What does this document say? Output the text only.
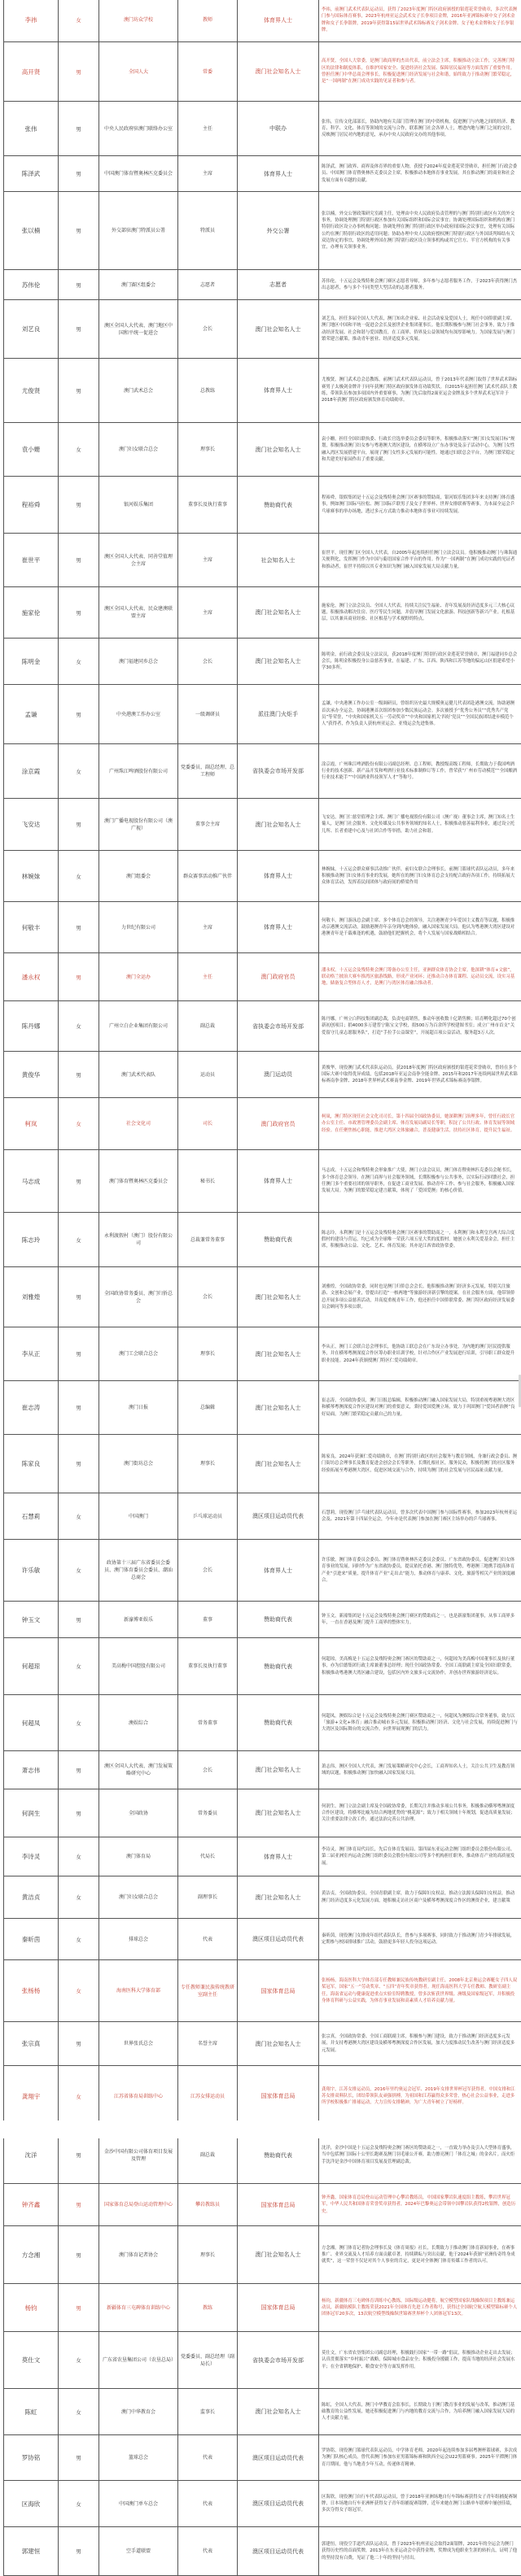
李祎	女	澳门坊众学校	教师	体育界人士	李祎，前澳门武术代表队运动员，获得了2023年度澳门特区政府颁授的银莲花荣誉勋章，多次代表澳门参与国际体育赛事，2023年杭州亚运会武术女子长拳项目金牌，2016年亚洲锦标赛中女子剑术金牌和女子长拳银牌，2019年获得第15届世界武术锦标赛女子剑术金牌、女子枪术金牌和女子长拳银牌。
高开贤	男	全国人大	常委	澳门社会知名人士	高开贤，全国人大常委，是澳门政商界的杰出代表，前立法会主席，积极推动立法工作，完善澳门特区的法律和制度体系，在维护国家安全、促进经济社会发展、保障居民福祉等方面发挥了重要作用。曾担任澳门中华总商会理事长，积极促进澳门经济发展与社会和谐，始终致力于推动澳门繁荣稳定，是“一国两制”在澳门成功实践的见证者和参与者。
张伟	男	中央人民政府驻澳门联络办公室	主任	中联办	张伟，宣传文化部部长，协助内地有关部门管理在澳门的中资机构，促进澳门与内地之间的经济、教育、科学、文化、体育等领域的交流与合作，联系澳门社会各界人士，增进内地与澳门之间的交往，反映澳门居民对内地的意见，承办中央人民政府交办的其他事项。
陈泽武	男	中国澳门体育暨奥林匹克委员会	主席	体育界人士	陈泽武，澳门政界、商界及体育界的重要人物，获授予2024年度金莲花荣誉勋章，担任澳门行政会委员、中国澳门体育暨奥林匹克委员会主席，积极推动本地体育事业发展，其在推动澳门的商业和社会发展方面有卓越的贡献。
张以楠	男	外交部驻澳门特派员公署	特派员	外交公署	张以楠，外交公署政策研究室副主任，处理由中央人民政府负责管理的与澳门特别行政区有关的外交事务，协调处理澳门特别行政区参加有关国际组织和国际会议事宜；协调处理国际组织和机构在澳门特别行政区设立办事机构问题；协调处理在澳门特别行政区举办政府间国际会议事宜，处理有关国际公约在澳门特别行政区的适用问题；协助办理中央人民政府授权澳门特别行政区与外国谈判缔结有关双边协定的事宜，协调处理外国在澳门特别行政区设立领事机构或其它官方、半官方机构的有关事宜，办理有关领事业务。
苏伟伦	男	澳门赛区组委会	志愿者	志愿者	苏伟伦，十五运会及残特奥会澳门赛区志愿者导师，多年参与志愿者服务工作，于2023年获得澳门杰出志愿者，参与多个不同类型大型活动的志愿者服务。
刘艺良	男	澳区全国人大代表、澳门地区中国和平统一促进会	会长	澳门社会知名人士	刘艺良，担任多届全国人大代表，澳门知名企业家、社会活动家及爱国人士，现任中国侨联副主席、澳门地区中国和平统一促进会会长及创世企业集团董事长。他长期积极参与澳门社会事务，致力于推动经济发展、社会和谐与爱国教育，在工商界、侨界及公益领域均有深厚影响力。为国家发展与澳门繁荣建言献策，推动青年创业、经济适度多元发展。
尤俊贤	男	澳门武术总会	总教练	体育界人士	尤俊贤，澳门武术总会总教练，前澳门武术代表队运动员，曾于2013年代表澳门取得了世界武术锦标赛男子太极剑金牌并于同年获澳门特区政府颁发体育功绩奖状。自2015年起担任澳门武术代表队主教练，带领队伍参加多项国内外重要赛事，为澳门先后取得2面亚运会金牌及多个世界武术冠军并于2018年获澳门特区政府颁发体育功绩勋章。
袁小姗	女	澳门妇女联合总会	理事长	澳门社会知名人士	袁小姗，担任全国妇联执委、行政长官选举委员会委员等职务，积极推动落实“澳门妇女发展目标”规划，积极推动澳门妇女参与粤港澳大湾区建设，在横琴设立广东办事处及亲子活动中心，为澳门女性融入湾区发展搭建平台，展现了澳门女性多元发展的可能性。她通过妇联总会平台，为澳门繁荣稳定和共建美好家园作出了重要贡献。
程裕舜	男	银河娱乐集团	董事长及执行董事	赞助商代表	程裕舜，银娱集团是十五运会及残特奥会澳门区赛事的赞助商，银河娱乐集团多年来支持澳门体育盛事，例如澳门国际马拉松、澳门国际乒联男子及女子世界杯、世界女排联赛等赛事，为本届全运会乒乓球赛事的举办场地，透过多元方式助力推动本地体育事业可持续发展。
崔世平	男	澳区全国人大代表、同善堂值理会主席	主席	社会知名人士	崔世平，现任澳门区全国人大代表，自2005年起连续担任澳门立法会议员。他积极推动澳门与珠海通关便利化，发挥澳门作为中国与葡语国家合作平台的作用。作为“一国两制”在澳门成功实践的见证者和推动者，崔世平持续以其专业知识为澳门融入国家发展大局贡献力量。
施家伦	男	澳区全国人大代表、民众建澳联盟主席	主席	澳门社会知名人士	施家伦，澳门立法会议员、全国人大代表，持续关注民生福祉、青年发展及经济适度多元三大核心议题，积极推动解决住房、医疗等民生问题，并倡导澳门发展文化旅游、科技创新等新兴产业。扎根基层，以其兼具商业经验、社区根基与学术视野的特点。
陈明金	女	澳门福建同乡总会	会长	澳门社会知名人士	陈明金，前行政会委员及立法议员，获2018年度澳门特别行政区金莲花荣誉勋章，澳门福建同乡总会会长，陈明金积极投身公益慈善事业，在福建、广东、江西、陕西和江苏等地的偏远山区捐建希望小学30多所。
孟谦	男	中央港澳工作办公室	一级调研员	派往澳门火炬手	孟谦，中央港澳工作办公室一级调研员，曾组织历史最大规模奥运健儿代表团赴港澳交流，协助港澳首次承办全运会，协调港澳首次组团参加少数民族运动会。多次被授予“优秀公务员”“优秀共产党员”等荣誉，“中央和国家机关五一劳动奖章”“中央和国家机关‘四好’党员”“全国民族团结进步模范个人”获得者，作为负责人获杭州亚运会、亚残运会先进集体。
涂京霞	女	广州珠江啤酒股份有限公司	党委委员、副总经理、总工程师	省执委会市场开发部	涂京霞，广州珠江啤酒股份有限公司副总经理、总工程师，教授级高级工程师，长期致力于我国啤酒行业的技术创新、新产品开发和啤酒行业技术标准制修订等工作，曾荣获“广州市劳动模范”“全国酿酒行业技术能手”“中国酒业科技领军人才”等称号。
飞安达	男	澳门广播电视股份有限公司（澳广视）	董事会主席	澳门社会知名人士	飞安达，澳门仁慈堂值理会主席、澳门广播电视股份有限公司（澳广视）董事会主席，澳门知名土生葡人，是澳门社会服务、文化传媒及公共事务领域的知名人士，积极推动慈善福利事业，通过设立托儿所、长者重建中心及与社团合作等举措，助力社会和谐。
林婉妹	女	澳门组委会	群众赛事活动推广伙伴	体育界人士	林婉妹，十五运会群众赛事活动推广伙伴，前妇女联合会理事长，前澳门篮球代表队运动员，多年来积极推动澳门妇女体育事业的发展，她所在的澳门妇女体育总会支持配合政府各项工作，持续拓展大众体育活动，发挥着民间团体与政府间的桥梁作用
何敬丰	男	力世纪有限公司	主席	体育界人士	何敬丰，澳门游泳总会副主席、多个体育总会的领导，关注港澳青少年爱国主义教育等议题，积极推动京港澳交流活动，鼓励港澳青年亲身到内地体验，融入国家发展大局。他认为粤港澳大湾区建设对港澳青年是千载难逢的机遇，鼓励他们把握机会，将个人发展与国家战略相结合。
潘永权	男	澳门全运办	主任	澳门政府官员	潘永权，十五运会及残特奥会澳门筹备办公室主任，亚洲群众体育协会主席。他深耕“体育+文旅”，联动格兰披治大赛车推湾区旅游线路，形成产业闭环；还推动合办体育课程、运动员交流，设实习基地，储备复合型体育人才，是澳门与湾区体育融合推动者。
陈丹娜	女	广州立白企业集团有限公司	副总裁	省执委会市场开发部	陈丹娜，广州立白科技集团副总裁，负责电商销售，推动年创收数十亿销售额；培育孵化超过70个创新初创项目；捐4000多万建普宁陈宝文学校，捐500万为百余所学校建图书室；成立广州市首支“关爱留守儿童志愿服务队”，打造“手拉手公益课堂”，开展超百项公益活动，服务超3万人次。
黄俊华	男	澳门武术代表队	运动员	澳门运动员	黄俊华，现役澳门武术代表队运动员，获2018年度澳门特区政府颁授的银莲花荣誉勋章，曾经在多个国际大赛中取得优异成绩，包括2018年亚运会南拳全能金牌、2015年和2017年连续两届世界武术锦标赛南拳金牌、2018年世界杯武术赛南拳金牌、2019年世界武术锦标赛南拳银牌。
柯岚	女	社会文化司	司长	澳门政府官员	柯岚，澳门特区现任社会文化司司长，第十四届全国政协委员，她深耕澳门治理多年，曾任行政长官办公室主任、市政署管理委员会副主席、体育发展局副局长等职，积淀了公共行政、体育发展等领域经验。在任聚焦核心职能，推进大湾区文体旅融合，普及健康生活，扶持社区体育，提升民生福祉。
马志成	男	澳门体育暨奥林匹克委员会	秘书长	体育界人士	马志成，十五运会和残特奥会形象推广大使，澳门立法会议员，澳门体育暨奥林匹克委员会秘书长，多个体育总会领导。在澳门商界与社会服务领域，长期积极参与公共事务，以实际行动回馈社会，担任澳门多个重要社团的领导职务，在促进工商业发展、推动青年工作、参与社会服务，积极融入国家发展大局。为澳门的繁荣稳定建言献策，体现了「爱国爱澳」的核心价值。
陈志玲	女	永利渡假村（澳门）股份有限公司	总裁兼常务董事	赞助商代表	陈志玲，永利澳门是十五运会及残特奥会澳门区赛事的赞助商之一，永利澳门和永利皇宫两大综合度假村的建设与营运，均已成为全球唯一荣获六项五星大奖的度假村。她创立永利关爱基金会，担任主席，积极推动公益、文化、艺术、体育发展；其亦是江西省政协常委。
刘雅煌	男	全国政协常务委员、澳门归侨总会	会长	澳门社会知名人士	刘雅煌，全国政协常委，同时也是澳门归侨总会会长。他积极推动澳门经济多元发展，特别关注旅游、文创和会展产业，曾提出打造“一核两地”等旅游经济新引擎的提案。在社会服务方面，他带领侨总开展多项公益慈善活动，并高度重视青年工作，他还担任中国侨联常委、澳门特区政府经济发展委员会顾问等多项公职。
李从正	男	澳门工会联合总会	理事长	澳门社会知名人士	李从正，澳门工会联合总会理事长，他协助工联总会在广东设立办事处，为内地的澳门居民提供服务，并在横琴粤澳深度合作区筹办职业培训学校，针对合作区产业发展进行培训，引导职工群众提升职业技能。2024年获颁授澳门特区仁爱功绩勋章。
崔志涛	男	澳门日报	总编辑	澳门社会知名人士	崔志涛，全国政协委员，澳门日报总编辑，积极推动澳门融入国家发展大局，特别重视粤港澳大湾区和横琴粤澳深度合作区建设对澳门的重要意义，秉持爱国爱澳立场，致力于巩固澳门“爱国者治澳”良好局面，为澳门繁荣稳定贡献自己的力量。
陈家良	男	澳门街坊总会	理事长	澳门社会知名人士	陈家良，2024年获颁仁爱功绩勋章，在澳门特别行政区的社会服务与教育领域，身兼行政会委员、澳门街坊总会理事长及教育促进会创会会长等职务，长期扎根社区，服务民众，积极将澳门的社区服务经验拓展至粤港澳大湾区，促进区域交流与合作，持续为澳门的社会发展与居民福祉贡献力量。
石慧莉	女	中国澳门	乒乓球运动员	澳区项目运动员代表	石慧莉，现役澳门乒乓球代表队运动员，曾多次代表中国澳门参与国际性赛事，参加2023年杭州亚运会及、2021年第十四届全运会，今年亦是代表澳门参加在澳门赛区主场举办的乒乓球赛事。
许乐敏	女	政协第十三届广东省委员会委员、澳门体育委员会委员、潮汕总商会	会长	体育界人士	许乐敏，澳门体育委员会委员、澳门体育暨奥林匹克委员会委员、广东省政协委员，促进澳门妇女体育事业的发展，同时作为广东省政协委员，提议依托香港、澳门独特优势，粤港澳三地携手提高体育产业“引进来”质量，提升体育产业“走出去”能力，推动体育与康养、文化、旅游等相关产业的深度融合。
钟玉文	男	新濠博亚娱乐	董事	赞助商代表	钟玉文，新濠集团是十五运会及残特奥会澳门赛区的赞助商之一，也是新濠集团董事，从事工商界多年，一直在香港及澳门提升工商界的整体实力。
何超琼	女	美高梅中国控股有限公司	董事长及执行董事	赞助商代表	何超琼，美高梅是十五运会及残特奥会澳门赛区的赞助商之一，何超琼为美高梅中国董事长及执行董事，亦为信德集团行政主席兼董事总经理；现任全国政协常委、全国工商联副主席及全国妇联常委，积极推动粤港澳大湾区融合建设，包括区内外文旅多元交流协作，并创办世界旅游经济论坛。
何超凤	女	澳娱综合	常务董事	赞助商代表	何超凤，澳娱综合是十五运会及残特奥会澳门赛区赞助商之一，何超凤为澳娱综合常务董事，致力以「旅游+文化+体育」融合推动城市多元发展，积极推动澳门经济、文化与社会发展，持续促进澳门与大湾区及国际舞台的交流合作，向世界展现澳门的活力。
萧志伟	男	澳区全国人大代表、澳门发展策略研究中心	会长	澳门社会知名人士	萧志伟，澳区全国人大代表，澳门发展策略研究中心会长，工商界知名人士，关注公共卫生及教育领域的议题，积极推动澳门加快融入国家发展大局。
何润生	男	全国政协	常务委员	澳门社会知名人士	何润生，澳门立法会副主席及全国政协常委，长期关注并推动多项公共事务，积极推动横琴粤澳深度合作区建设，将横琴比喻为结合两地优势的“桃花源”；致力于相关领域十年规划，促进高质量发展；关注重要法律立改工作，通过法治完善公共治理。
李诗灵	女	澳门体育局	代局长	体育界人士	李诗灵，澳门体育局代局长，先后在体育发展局、第四届东亚运动会澳门组织委员会股份有限公司、第二届亚洲室内运动会澳门组织委员会股份有限公司等多个机构担任职务，推动体育产业的高质量发展。
黄洁贞	女	澳门妇女联合总会	副理事长	澳门社会知名人士	黄洁贞，全国政协委员、全国青联副主席，致力于保障妇女权益，推动立法源头保障妇女权益，推动澳门经济适度多元化发展方面，她积极走访社区商户及横琴粤澳深度合作区的澳资企业，建言献策
秦昕茵	女	排球总会	代表	澳区项目运动员代表	秦昕茵，现役澳门女排成年组代表队队长，曾参与多项赛事，同时致力于推动澳门青少年排球发展，定期参与校园排球推广活动，鼓励更多年轻人投身这项运动。
张杨杨	女	海南医科大学体育部	专任教师兼民族传统教研室副主任	国家体育总局	张杨杨，海南医科大学体育部专任教师兼民族传统教研室副主任，2008年北京奥运会赛艇女子四人双桨冠军，国家“五一”劳动奖章、“五四”青年奖章获得者。现任海南医科大学专任教师、教研室副主任，海南省运动与健康促进重点实验室特聘教授，曾多次斩获世界级、洲级及国家级冠军，并积极投身体育科研与公益实践，为体育事业发展和高素质人才培养贡献力量。
张宗真	男	世界张氏总会	名誉主席	澳门社会知名人士	张宗真，全国政协常委、全国工商联副主席，积极参与澳门建设，致力于推动澳门经济适度多元发展，并支持粤港澳大湾区建设及横琴粤澳深度合作区发展，加大力度推动民生改善与澳门经济适度多元发展。
龚翔宇	女	江苏省体育局训练中心	江苏女排运动员	国家体育总局	龚翔宇，江苏女排运动员，2016年里约奥运会冠军、2019年女排世界杯冠军获得者，中国女排和江苏女排双料队长，团结带领队友顽强拼搏，为祖国和江苏赢得众多荣誉，热心社会公益事业，走进多所学校积极推广排球运动，大力宣传女排精神，为广大青年树立了好榜样。
沈洋	男	金沙中国有限公司体育项目发展及管理	副总裁	赞助商代表	沈洋，金沙中国是十五运会及残特奥会澳门赛区的赞助商之一，一直致力举办及引入大型体育盛事，当中包括澳门国际十公里长跑赛及澳门羽毛球公开赛，助力擦亮澳门「体育之城」的金名片。而火炬手沈洋是金沙中国体育项目发展及管理副总裁。
钟齐鑫	男	国家体育总局登山运动管理中心	攀岩教练员	国家体育总局	钟齐鑫，国家体育总局登山运动管理中心攀岩教练员，中国国家攀岩队速度组主教练，攀岩世界冠军，中华人民共和国体育荣誉奖章获得者，2024年巴黎奥运会带领中国攀岩队获得2枚银牌，创造历史。
方念湘	男	澳门体育记者协会	理事长	澳门社会知名人士	方念湘，澳门体育记者协会理事长及《体育周报》社长，长期致力于推动澳门体育新闻事业，在赛事推广、业界交流及人才培养方面贡献卓著，持续耕耘与突出贡献。他于2024年获颁“亚洲传奇终身成就奖”，这一荣誉不仅是对其个人事业的肯定，更是对全体澳门体育传媒工作者的认可。
杨钧	男	新疆体育三屯碑体育训练中心	教练	国家体育总局	杨钧，新疆体育三屯碑体育训练中心教练，国际级运动健将，航空模型国家队线操纵项目主教练兼运动员，新疆航模队主教练荣获2021年全国体育先进工作者称号，获得过全国航空航天模型锦标赛个人团体冠军20多次，13次航空模型线操纵世锦赛世界杯个人团体冠军13次。
莫仕文	女	广东省农垦集团公司（农垦总局）	党委委员、副总经理（副局长）	省执委会市场开发部	莫仕文，广东省农垦集团公司副总经理，积极践行国家“一带一路”倡议，积极推动企业走出去发展；认真贯彻落实“乡村振兴”战略，保障城市食品安全；积极投身援疆工作，提高当地的经济社会发展水平；在全省耕地保护、粮食安全等方面发挥作用。
陈虹	女	澳门中华教育会	监事长	澳门社会知名人士	陈虹，全国人大代表，澳门中华教育会监事长，长期致力于澳门教育事业的发展与改革，推动澳门基础教育的公益性发展，她还积极促进澳门与内地的教育交流与合作，为培养澳门融入国家发展大局的人才贡献力量。
罗协铭	男	篮球总会	代表	澳区项目运动员代表	罗协铭，现役澳门篮球代表队运动员，中学体育老师，2020年起连续参加多届粤澳杯篮球赛，多次成为澳门队核心成员，曾代表澳门参加东亚男篮锦标赛和陕西全运会U22男篮赛事。2025年平潭澳门体育月期间，他与当地青少年互动，传递体育精神。
区海欣	女	中国澳门单车总会	代表	澳区项目运动员代表	区海欣，现役澳门自行车代表队运动员，曾于2018年亚洲场地自行车锦标赛获得女子青年组捕捉赛铜牌，日本场地自行车亚洲杯获得女子青年组捕捉赛银牌，近年来她在澳门公路单车联赛中屡创佳绩，多次夺得女子组冠军。
郭建恒	男	空手道联盟	代表	澳区项目运动员代表	郭建恒，现役空手道代表队运动员，曾于2023年杭州亚运会取得2面银牌，2021年的全运会为澳门获得历史性的首面奖牌，2013年在东亚运动会中获得金牌，奖牌成为他职业生涯的转折点，证明了他的坚持没有白费，见证了他二十年的坚持与付出。
